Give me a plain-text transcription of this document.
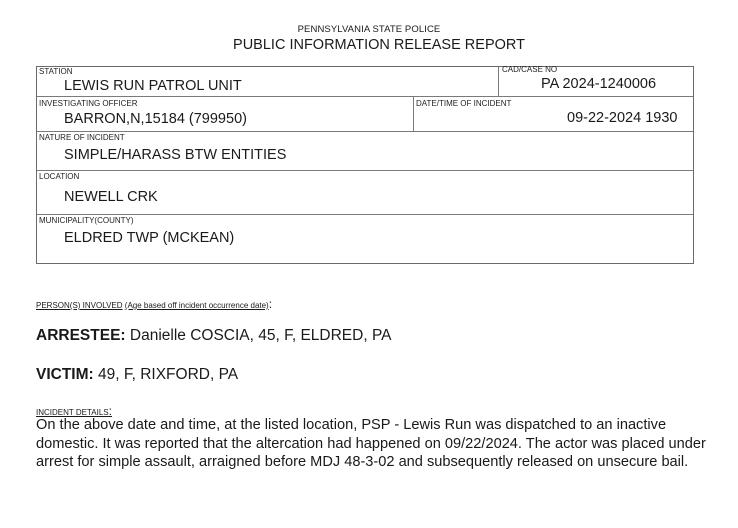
PENNSYLVANIA STATE POLICE
PUBLIC INFORMATION RELEASE REPORT
STATION
LEWIS RUN PATROL UNIT
CAD/CASE NO
PA 2024-1240006
INVESTIGATING OFFICER
BARRON,N,15184 (799950)
DATE/TIME OF INCIDENT
09-22-2024 1930
NATURE OF INCIDENT
SIMPLE/HARASS BTW ENTITIES
LOCATION
NEWELL CRK
MUNICIPALITY(COUNTY)
ELDRED TWP (MCKEAN)
PERSON(S) INVOLVED (Age based off incident occurrence date):
ARRESTEE: Danielle COSCIA, 45, F, ELDRED, PA
VICTIM: 49, F, RIXFORD, PA
INCIDENT DETAILS:
On the above date and time, at the listed location, PSP - Lewis Run was dispatched to an inactive domestic. It was reported that the altercation had happened on 09/22/2024. The actor was placed under arrest for simple assault, arraigned before MDJ 48-3-02 and subsequently released on unsecure bail.
